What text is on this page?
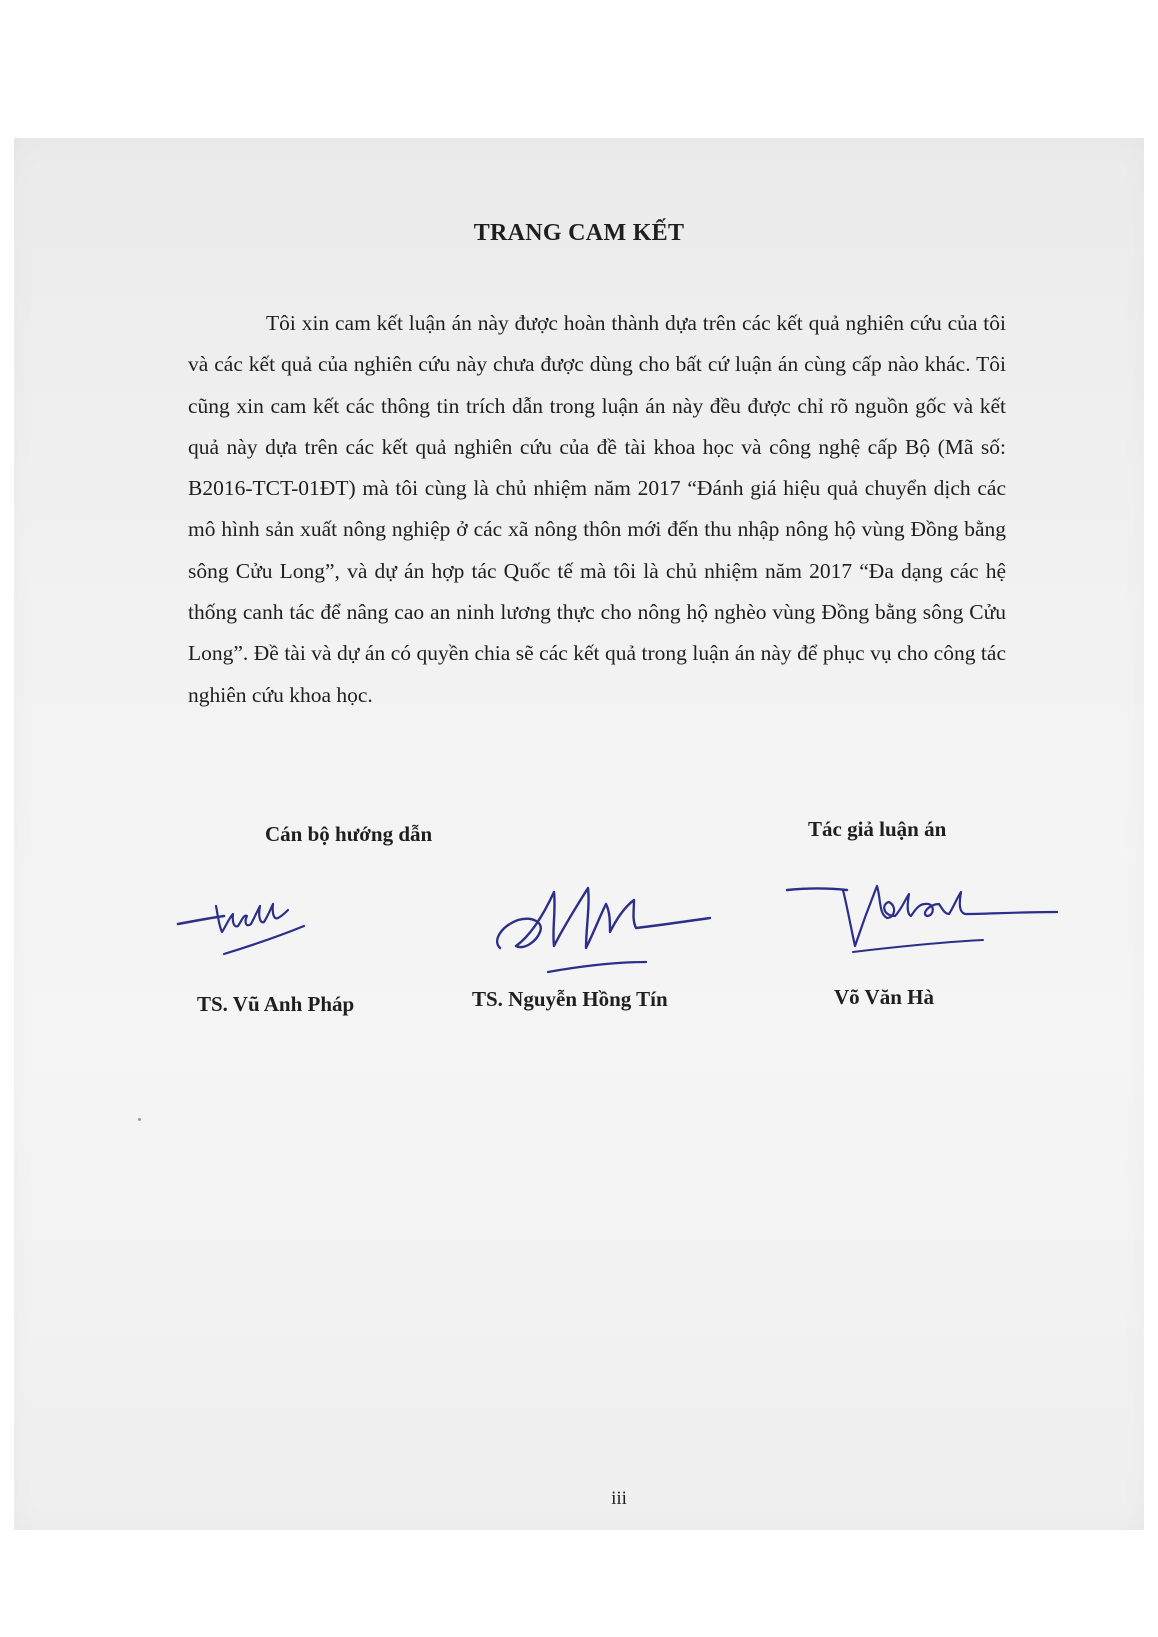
TRANG CAM KẾT

Tôi xin cam kết luận án này được hoàn thành dựa trên các kết quả nghiên cứu của tôi và các kết quả của nghiên cứu này chưa được dùng cho bất cứ luận án cùng cấp nào khác. Tôi cũng xin cam kết các thông tin trích dẫn trong luận án này đều được chỉ rõ nguồn gốc và kết quả này dựa trên các kết quả nghiên cứu của đề tài khoa học và công nghệ cấp Bộ (Mã số: B2016-TCT-01ĐT) mà tôi cùng là chủ nhiệm năm 2017 “Đánh giá hiệu quả chuyển dịch các mô hình sản xuất nông nghiệp ở các xã nông thôn mới đến thu nhập nông hộ vùng Đồng bằng sông Cửu Long”, và dự án hợp tác Quốc tế mà tôi là chủ nhiệm năm 2017 “Đa dạng các hệ thống canh tác để nâng cao an ninh lương thực cho nông hộ nghèo vùng Đồng bằng sông Cửu Long”. Đề tài và dự án có quyền chia sẽ các kết quả trong luận án này để phục vụ cho công tác nghiên cứu khoa học.

Cán bộ hướng dẫn	Tác giả luận án
TS. Vũ Anh Pháp	TS. Nguyễn Hồng Tín	Võ Văn Hà
iii
